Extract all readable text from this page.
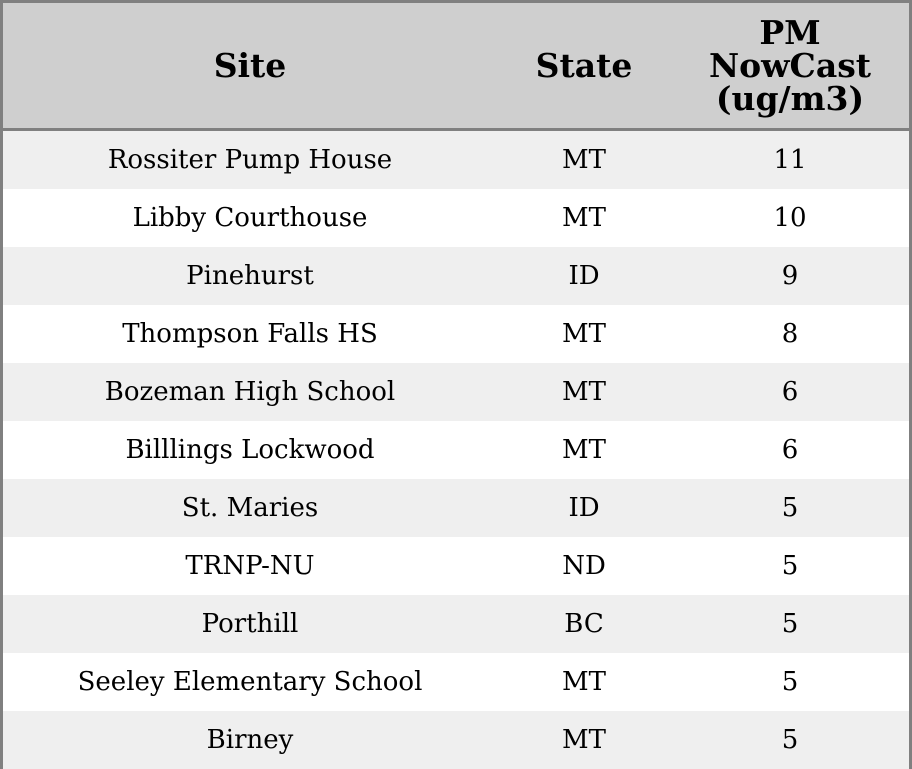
Site	State	PM
NowCast
(ug/m3)

Rossiter Pump House	MT	11
Libby Courthouse	MT	10
Pinehurst	ID	9
Thompson Falls HS	MT	8
Bozeman High School	MT	6
Billlings Lockwood	MT	6
St. Maries	ID	5
TRNP-NU	ND	5
Porthill	BC	5
Seeley Elementary School	MT	5
Birney	MT	5
